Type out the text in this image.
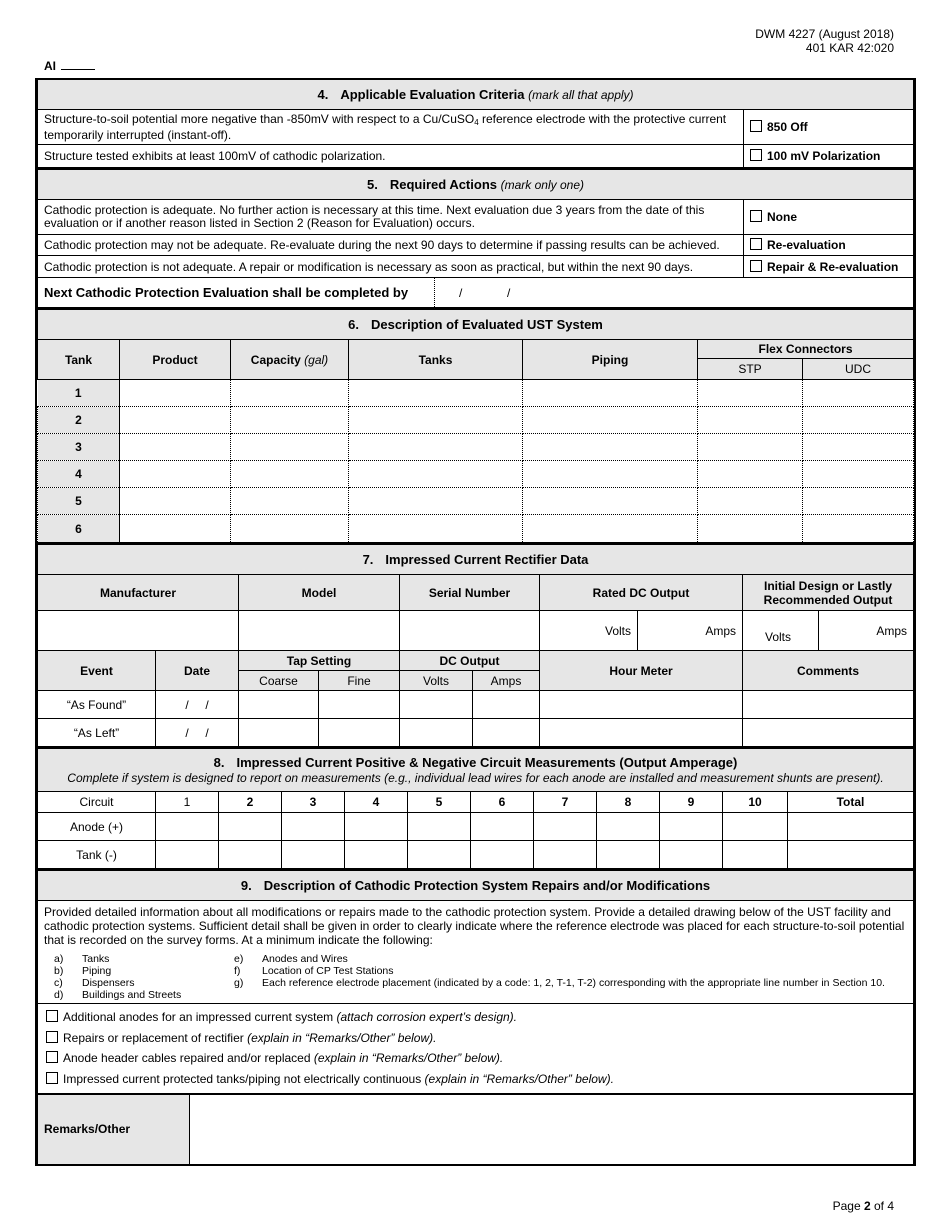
DWM 4227 (August 2018)
401 KAR 42:020
AI
4. Applicable Evaluation Criteria (mark all that apply)	
Structure-to-soil potential more negative than -850mV with respect to a Cu/CuSO$_4$ reference electrode with the protective current temporarily interrupted (instant-off).	850 Off
Structure tested exhibits at least 100mV of cathodic polarization.	100 mV Polarization
5. Required Actions (mark only one)		
Cathodic protection is adequate. No further action is necessary at this time. Next evaluation due 3 years from the date of this evaluation or if another reason listed in Section 2 (Reason for Evaluation) occurs.		None
Cathodic protection may not be adequate. Re-evaluate during the next 90 days to determine if passing results can be achieved.		Re-evaluation
Cathodic protection is not adequate. A repair or modification is necessary as soon as practical, but within the next 90 days.		Repair & Re-evaluation
Next Cathodic Protection Evaluation shall be completed by	/        /	
6. Description of Evaluated UST System						
Tank	Product	Capacity (gal)	Tanks	Piping	Flex Connectors	
					STP	UDC
1						
2						
3						
4						
5						
6						
7. Impressed Current Rectifier Data									
Manufacturer		Model		Serial Number		Rated DC Output		Initial Design or Lastly Recommended Output	
						Volts	Amps	Volts	Amps
Event	Date	Tap Setting		DC Output		Hour Meter		Comments	
		Coarse	Fine	Volts	Amps				
“As Found”	/     /								
“As Left”	/     /								
8. Impressed Current Positive & Negative Circuit Measurements (Output Amperage)
Complete if system is designed to report on measurements (e.g., individual lead wires for each anode are installed and measurement shunts are present).											
Circuit	1	2	3	4	5	6	7	8	9	10	Total
Anode (+)											
Tank (-)											
9. Description of Cathodic Protection System Repairs and/or Modifications

Provided detailed information about all modifications or repairs made to the cathodic protection system. Provide a detailed drawing below of the UST facility and cathodic protection systems. Sufficient detail shall be given in order to clearly indicate where the reference electrode was placed for each structure-to-soil potential that is recorded on the survey forms. At a minimum indicate the following:
a) Tanks
b) Piping
c) Dispensers
d) Buildings and Streets
e) Anodes and Wires
f) Location of CP Test Stations
g) Each reference electrode placement (indicated by a code: 1, 2, T-1, T-2) corresponding with the appropriate line number in Section 10.

Additional anodes for an impressed current system (attach corrosion expert’s design).
Repairs or replacement of rectifier (explain in “Remarks/Other” below).
Anode header cables repaired and/or replaced (explain in “Remarks/Other” below).
Impressed current protected tanks/piping not electrically continuous (explain in “Remarks/Other” below).

Remarks/Other	
Page 2 of 4
